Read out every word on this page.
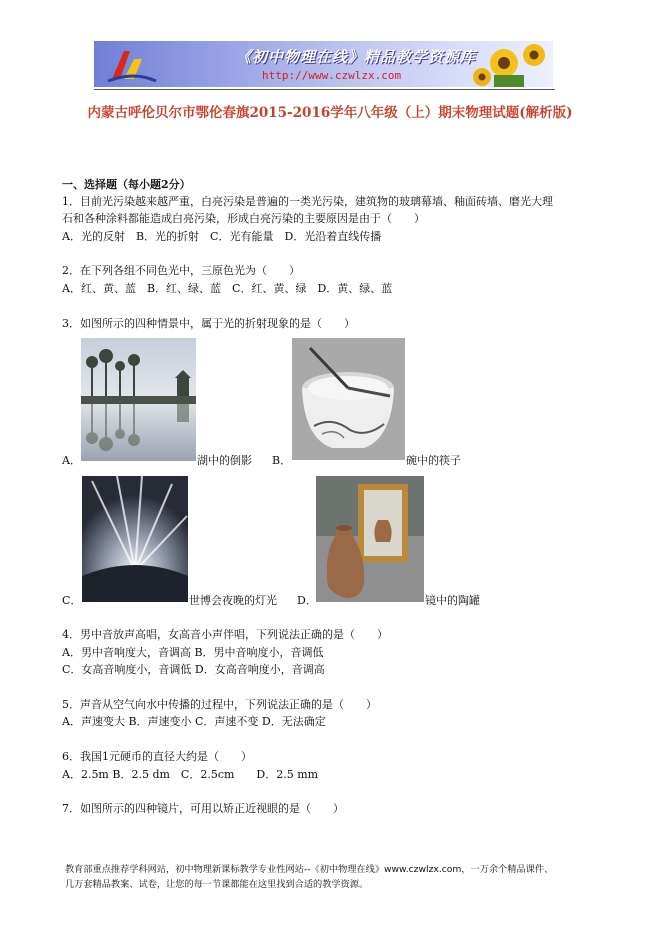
《初中物理在线》精品教学资源库
http://www.czwlzx.com
内蒙古呼伦贝尔市鄂伦春旗2015-2016学年八年级（上）期末物理试题(解析版)
一、选择题（每小题2分）
1．目前光污染越来越严重，白亮污染是普遍的一类光污染，建筑物的玻璃幕墙、釉面砖墙、磨光大理
石和各种涂料都能造成白亮污染，形成白亮污染的主要原因是由于（　　）
A．光的反射　B．光的折射　C．光有能量　D．光沿着直线传播
2．在下列各组不同色光中，三原色光为（　　）
A．红、黄、蓝　B．红、绿、蓝　C．红、黄、绿　D．黄、绿、蓝
3．如图所示的四种情景中，属于光的折射现象的是（　　）
A．	湖中的倒影 B．	碗中的筷子
C．	世博会夜晚的灯光 D．	镜中的陶罐
4．男中音放声高唱，女高音小声伴唱，下列说法正确的是（　　）
A．男中音响度大，音调高 B．男中音响度小，音调低
C．女高音响度小，音调低 D．女高音响度小，音调高
5．声音从空气向水中传播的过程中，下列说法正确的是（　　）
A．声速变大 B．声速变小 C．声速不变 D．无法确定
6．我国1元硬币的直径大约是（　　）
A．2.5m B．2.5 dm　C．2.5cm　　D．2.5 mm
7．如图所示的四种镜片，可用以矫正近视眼的是（　　）
教育部重点推荐学科网站，初中物理新课标教学专业性网站--《初中物理在线》www.czwlzx.com，一万余个精品课件、
几万套精品教案、试卷，让您的每一节课都能在这里找到合适的教学资源。
